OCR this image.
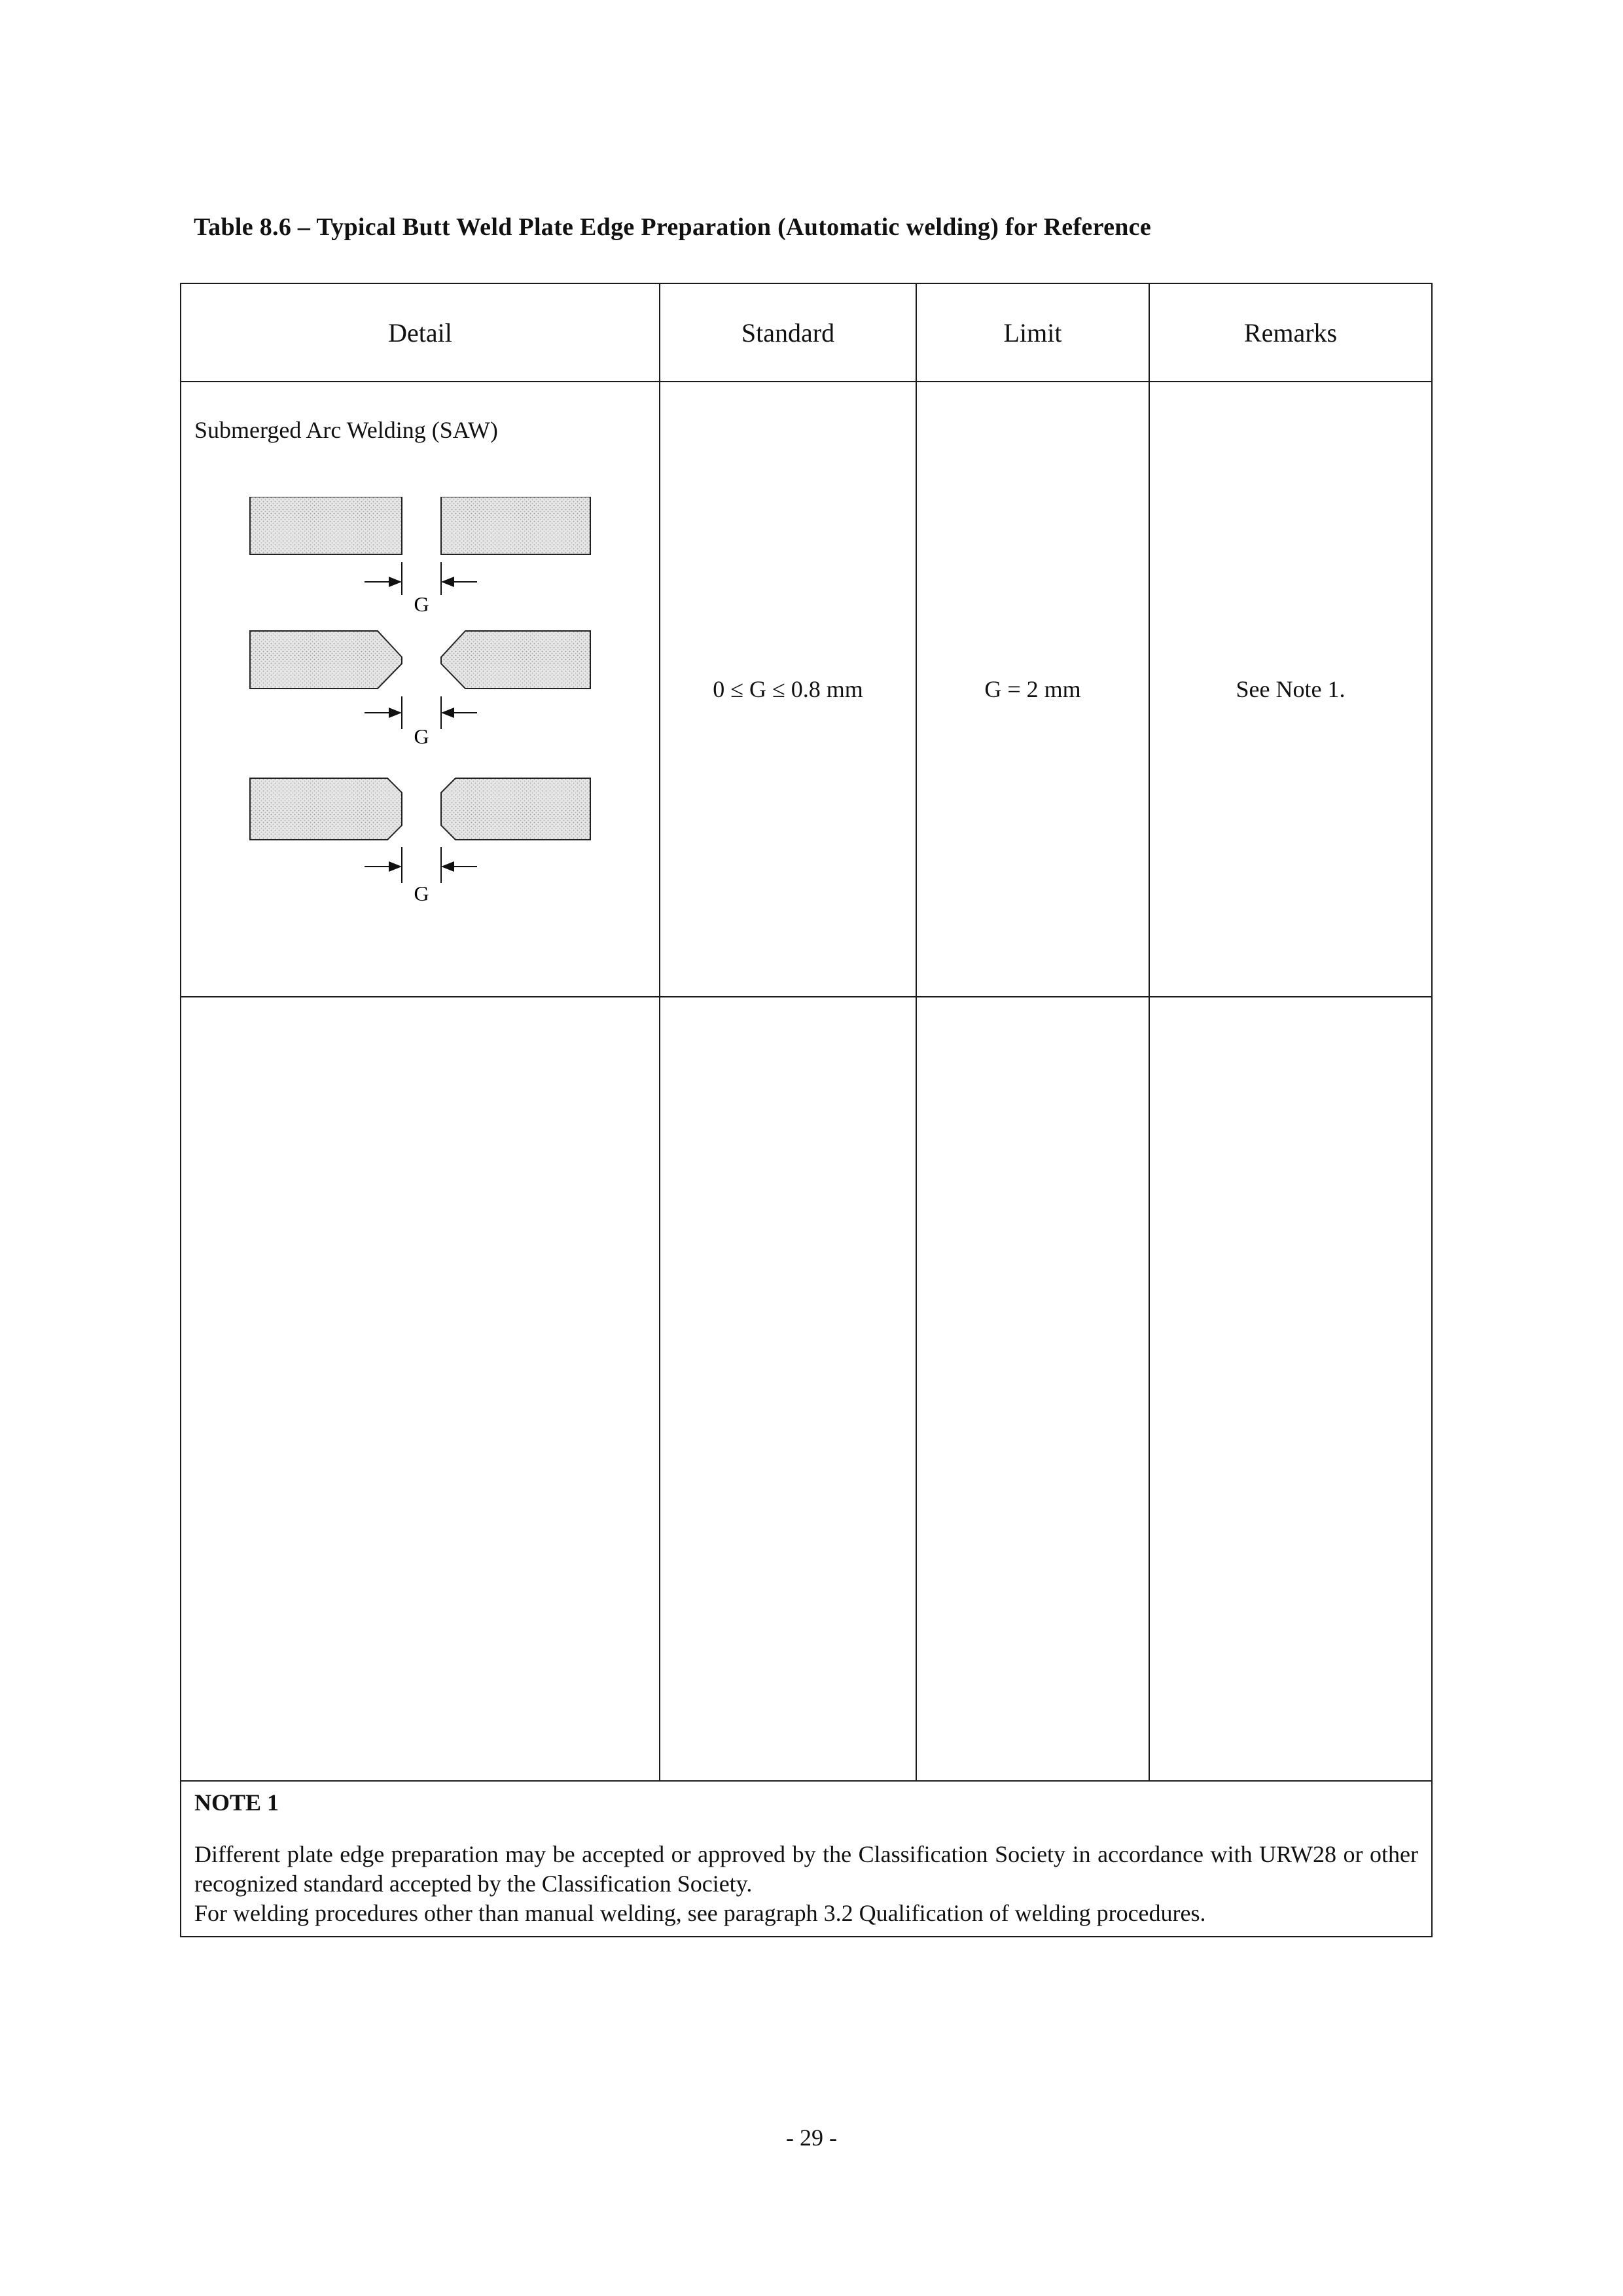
Table 8.6 – Typical Butt Weld Plate Edge Preparation (Automatic welding) for Reference
Detail	Standard	Limit	Remarks

Submerged Arc Welding (SAW)
G
G
G	0 ≤ G ≤ 0.8 mm	G = 2 mm	See Note 1.

NOTE 1
Different plate edge preparation may be accepted or approved by the Classification Society in accordance with URW28 or other recognized standard accepted by the Classification Society.
For welding procedures other than manual welding, see paragraph 3.2 Qualification of welding procedures.			
- 29 -
